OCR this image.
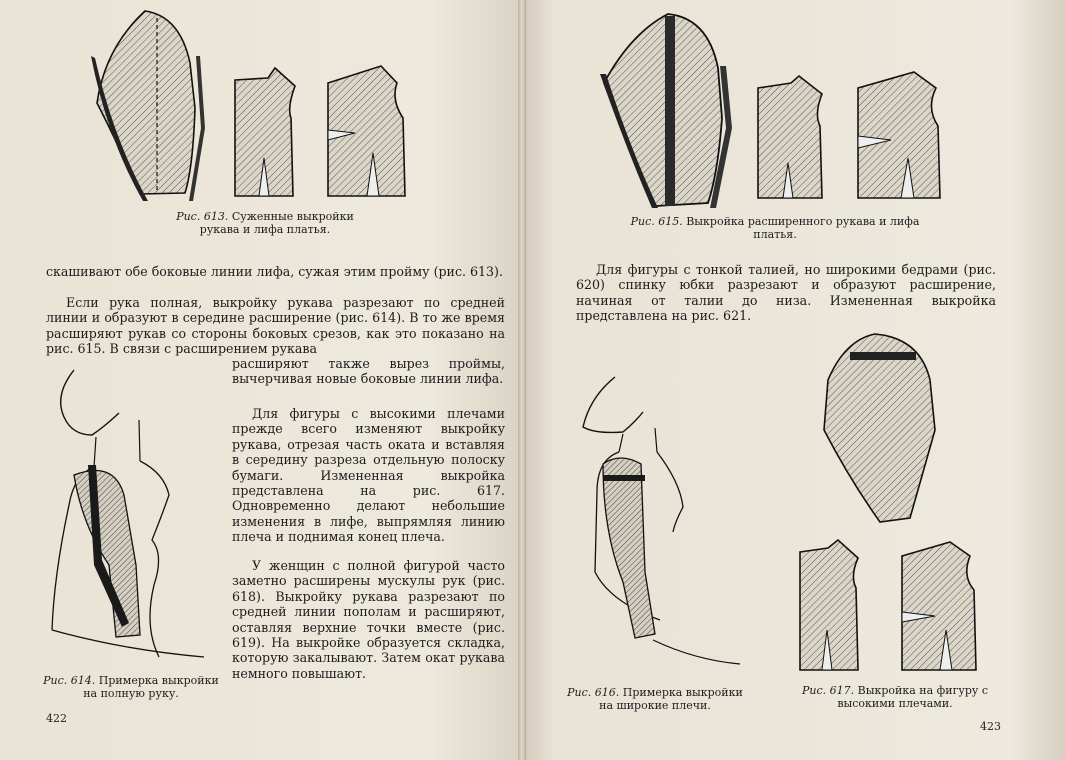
Рис. 613. Суженные выкройки рукава и лифа платья.

скашивают обе боковые линии лифа, сужая этим пройму (рис. 613).

Если рука полная, выкройку рукава разрезают по средней линии и образуют в середине расширение (рис. 614). В то же время расширяют рукав со стороны боковых срезов, как это показано на рис. 615. В связи с расширением рукава

расширяют также вырез проймы, вычерчивая новые боковые линии лифа.

Для фигуры с высокими плечами прежде всего изменяют выкройку рукава, отрезая часть оката и вставляя в середину разреза отдельную полоску бумаги. Измененная выкройка представлена на рис. 617. Одновременно делают небольшие изменения в лифе, выпрямляя линию плеча и поднимая конец плеча.

У женщин с полной фигурой часто заметно расширены мускулы рук (рис. 618). Выкройку рукава разрезают по средней линии пополам и расширяют, оставляя верхние точки вместе (рис. 619). На выкройке образуется складка, которую закалывают. Затем окат рукава немного повышают.

Рис. 614. Примерка выкройки на полную руку.
422
Рис. 615. Выкройка расширенного рукава и лифа платья.

Для фигуры с тонкой талией, но широкими бедрами (рис. 620) спинку юбки разрезают и образуют расширение, начиная от талии до низа. Измененная выкройка представлена на рис. 621.

Рис. 616. Примерка выкройки на широкие плечи.
Рис. 617. Выкройка на фигуру с высокими плечами.
423
